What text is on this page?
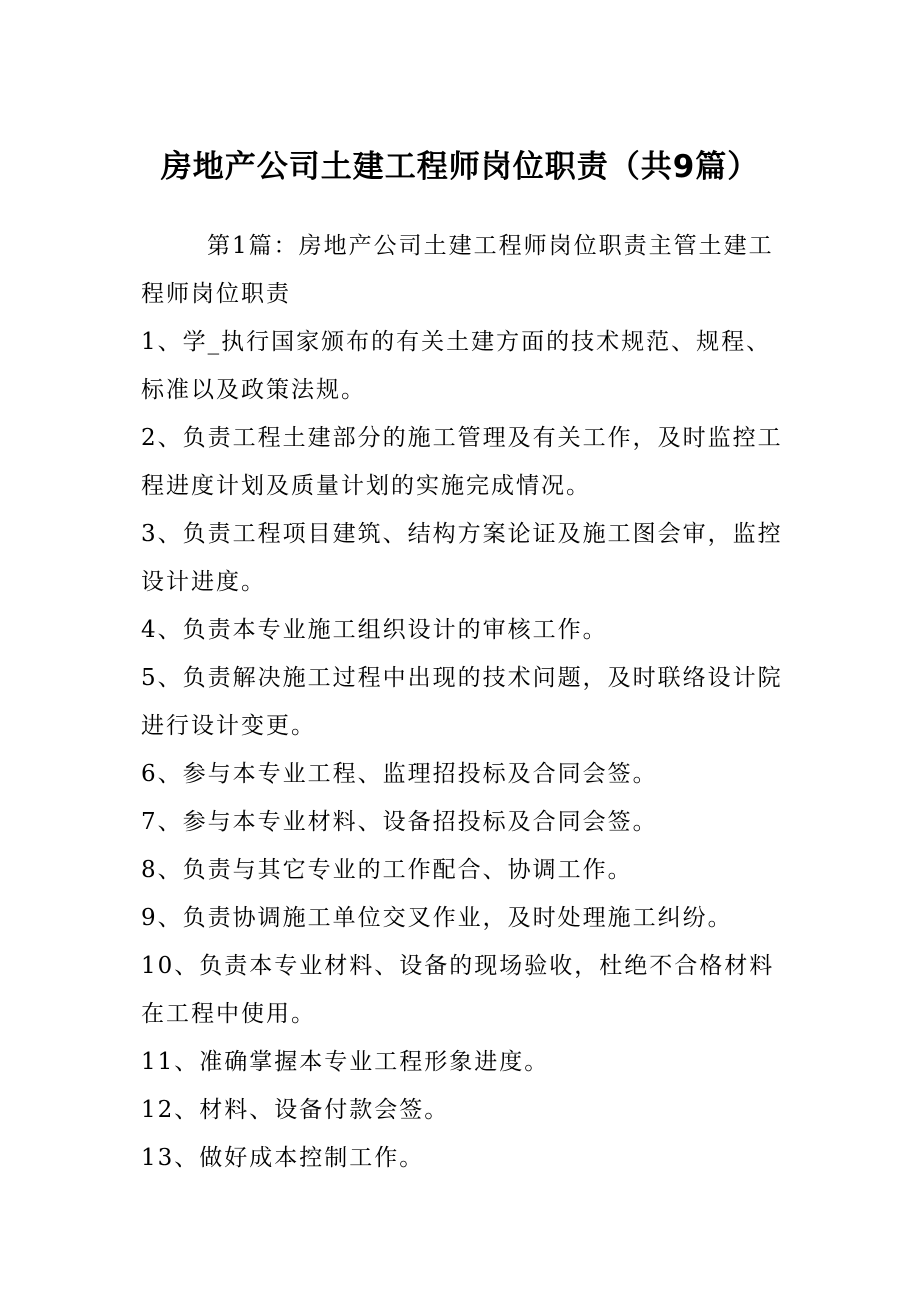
房地产公司土建工程师岗位职责（共9篇）

第1篇：房地产公司土建工程师岗位职责主管土建工程师岗位职责

1、学_执行国家颁布的有关土建方面的技术规范、规程、标准以及政策法规。

2、负责工程土建部分的施工管理及有关工作，及时监控工程进度计划及质量计划的实施完成情况。

3、负责工程项目建筑、结构方案论证及施工图会审，监控设计进度。

4、负责本专业施工组织设计的审核工作。

5、负责解决施工过程中出现的技术问题，及时联络设计院进行设计变更。

6、参与本专业工程、监理招投标及合同会签。

7、参与本专业材料、设备招投标及合同会签。

8、负责与其它专业的工作配合、协调工作。

9、负责协调施工单位交叉作业，及时处理施工纠纷。

10、负责本专业材料、设备的现场验收，杜绝不合格材料在工程中使用。

11、准确掌握本专业工程形象进度。

12、材料、设备付款会签。

13、做好成本控制工作。
